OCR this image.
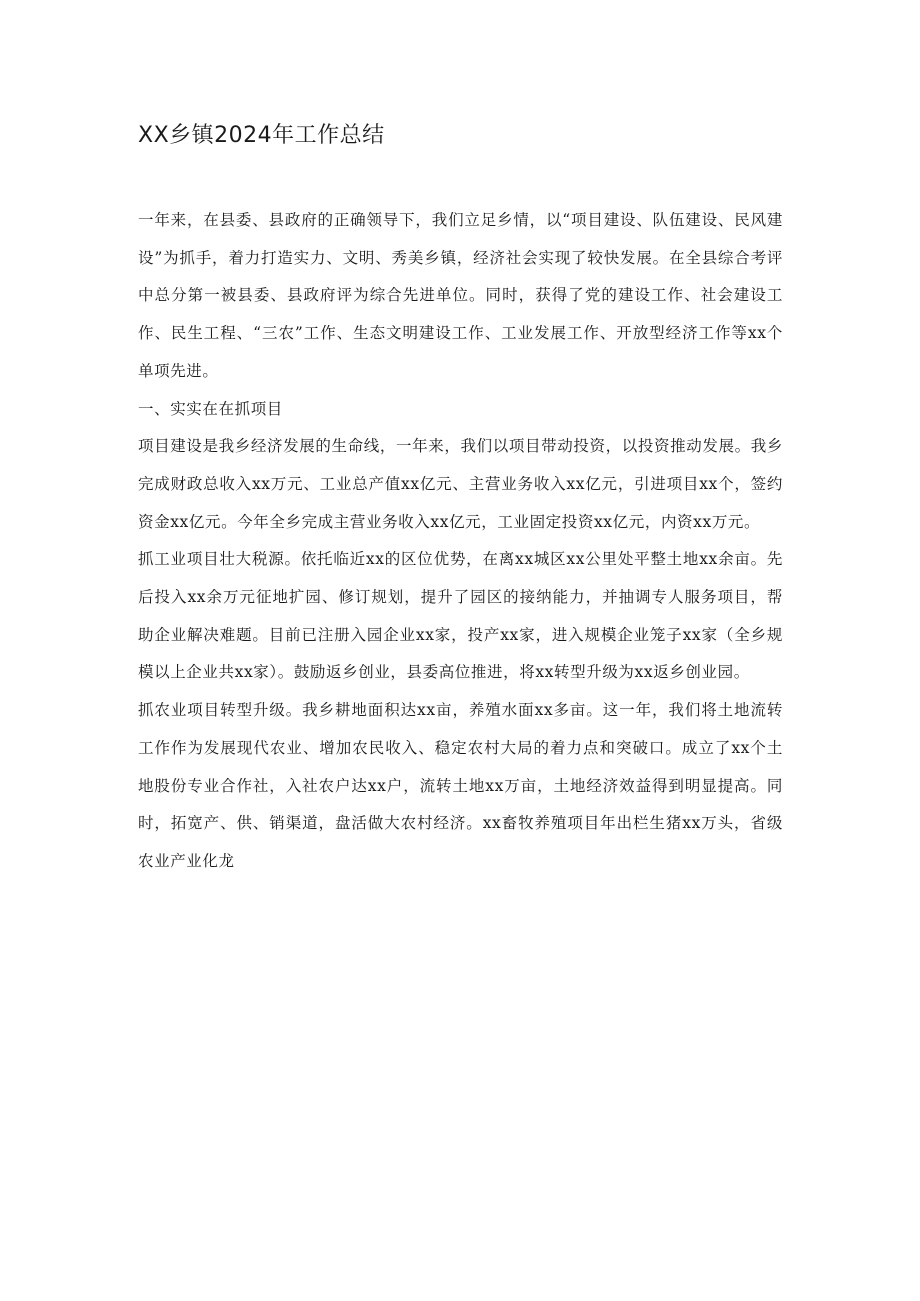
XX乡镇2024年工作总结

一年来，在县委、县政府的正确领导下，我们立足乡情，以“项目建设、队伍建设、民风建设”为抓手，着力打造实力、文明、秀美乡镇，经济社会实现了较快发展。在全县综合考评中总分第一被县委、县政府评为综合先进单位。同时，获得了党的建设工作、社会建设工作、民生工程、“三农”工作、生态文明建设工作、工业发展工作、开放型经济工作等xx个单项先进。

一、实实在在抓项目

项目建设是我乡经济发展的生命线，一年来，我们以项目带动投资，以投资推动发展。我乡完成财政总收入xx万元、工业总产值xx亿元、主营业务收入xx亿元，引进项目xx个，签约资金xx亿元。今年全乡完成主营业务收入xx亿元，工业固定投资xx亿元，内资xx万元。

抓工业项目壮大税源。依托临近xx的区位优势，在离xx城区xx公里处平整土地xx余亩。先后投入xx余万元征地扩园、修订规划，提升了园区的接纳能力，并抽调专人服务项目，帮助企业解决难题。目前已注册入园企业xx家，投产xx家，进入规模企业笼子xx家（全乡规模以上企业共xx家）。鼓励返乡创业，县委高位推进，将xx转型升级为xx返乡创业园。

抓农业项目转型升级。我乡耕地面积达xx亩，养殖水面xx多亩。这一年，我们将土地流转工作作为发展现代农业、增加农民收入、稳定农村大局的着力点和突破口。成立了xx个土地股份专业合作社，入社农户达xx户，流转土地xx万亩，土地经济效益得到明显提高。同时，拓宽产、供、销渠道，盘活做大农村经济。xx畜牧养殖项目年出栏生猪xx万头，省级农业产业化龙
